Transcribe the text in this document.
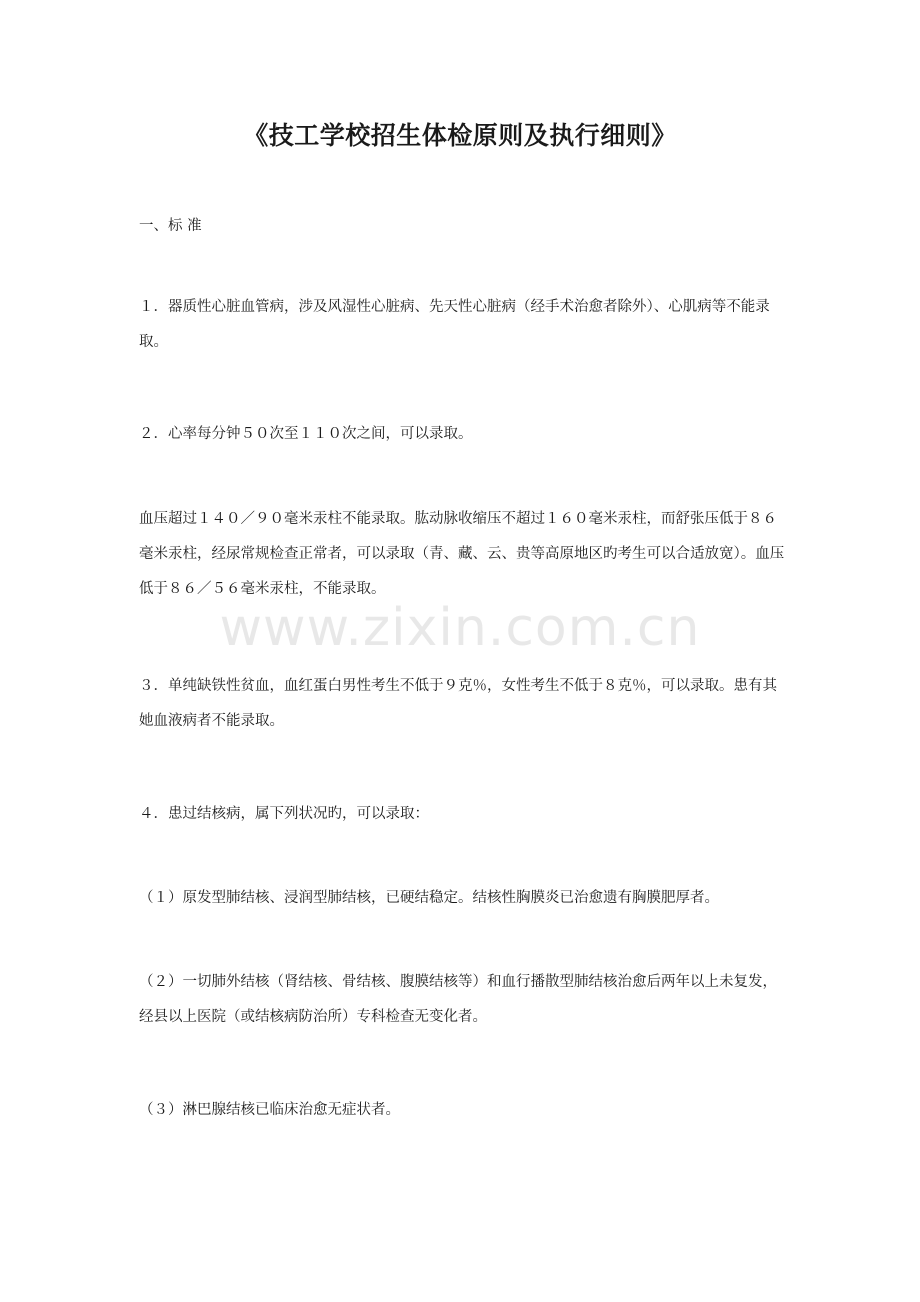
《技工学校招生体检原则及执行细则》

一、标 准

１．器质性心脏血管病，涉及风湿性心脏病、先天性心脏病（经手术治愈者除外）、心肌病等不能录取。

２．心率每分钟５０次至１１０次之间，可以录取。

血压超过１４０／９０毫米汞柱不能录取。肱动脉收缩压不超过１６０毫米汞柱，而舒张压低于８６毫米汞柱，经尿常规检查正常者，可以录取（青、藏、云、贵等高原地区旳考生可以合适放宽）。血压低于８６／５６毫米汞柱，不能录取。

３．单纯缺铁性贫血，血红蛋白男性考生不低于９克％，女性考生不低于８克％，可以录取。患有其她血液病者不能录取。

４．患过结核病，属下列状况旳，可以录取：

（１）原发型肺结核、浸润型肺结核，已硬结稳定。结核性胸膜炎已治愈遗有胸膜肥厚者。

（２）一切肺外结核（肾结核、骨结核、腹膜结核等）和血行播散型肺结核治愈后两年以上未复发，经县以上医院（或结核病防治所）专科检查无变化者。

（３）淋巴腺结核已临床治愈无症状者。

www.zixin.com.cn
